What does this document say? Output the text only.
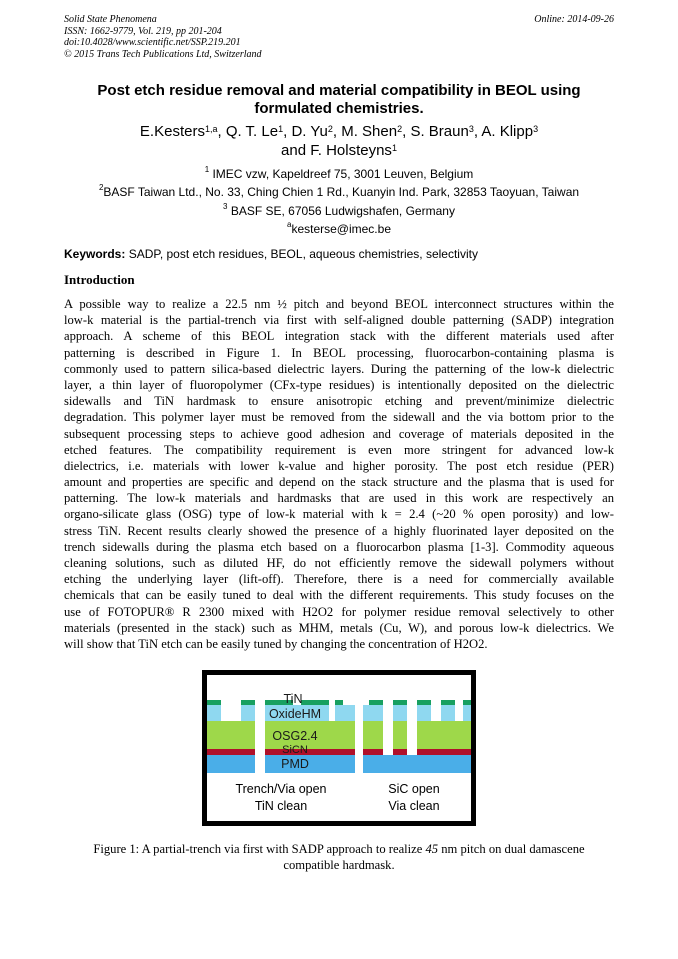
Solid State Phenomena
ISSN: 1662-9779, Vol. 219, pp 201-204
doi:10.4028/www.scientific.net/SSP.219.201
© 2015 Trans Tech Publications Ltd, Switzerland
Online: 2014-09-26
Post etch residue removal and material compatibility in BEOL using
formulated chemistries.
E.Kesters$^{1,a}$, Q. T. Le$^1$, D. Yu$^2$, M. Shen$^2$, S. Braun$^3$, A. Klipp$^3$
and F. Holsteyns$^1$
$^1$ IMEC vzw, Kapeldreef 75, 3001 Leuven, Belgium
$^2$BASF Taiwan Ltd., No. 33, Ching Chien 1 Rd., Kuanyin Ind. Park, 32853 Taoyuan, Taiwan
$^3$ BASF SE, 67056 Ludwigshafen, Germany
$^a$kesterse@imec.be
Keywords: SADP, post etch residues, BEOL, aqueous chemistries, selectivity
Introduction
A possible way to realize a 22.5 nm ½ pitch and beyond BEOL interconnect structures within the
low-k material is the partial-trench via first with self-aligned double patterning (SADP) integration
approach. A scheme of this BEOL integration stack with the different materials used after
patterning is described in Figure 1. In BEOL processing, fluorocarbon-containing plasma is
commonly used to pattern silica-based dielectric layers. During the patterning of the low-k dielectric
layer, a thin layer of fluoropolymer (CFx-type residues) is intentionally deposited on the dielectric
sidewalls and TiN hardmask to ensure anisotropic etching and prevent/minimize dielectric
degradation. This polymer layer must be removed from the sidewall and the via bottom prior to the
subsequent processing steps to achieve good adhesion and coverage of materials deposited in the
etched features. The compatibility requirement is even more stringent for advanced low-k
dielectrics, i.e. materials with lower k-value and higher porosity. The post etch residue (PER)
amount and properties are specific and depend on the stack structure and the plasma that is used for
patterning. The low-k materials and hardmasks that are used in this work are respectively an
organo-silicate glass (OSG) type of low-k material with k = 2.4 (~20 % open porosity) and low-
stress TiN. Recent results clearly showed the presence of a highly fluorinated layer deposited on the
trench sidewalls during the plasma etch based on a fluorocarbon plasma [1-3]. Commodity aqueous
cleaning solutions, such as diluted HF, do not efficiently remove the sidewall polymers without
etching the underlying layer (lift-off). Therefore, there is a need for commercially available
chemicals that can be easily tuned to deal with the different requirements. This study focuses on the
use of FOTOPUR® R 2300 mixed with H2O2 for polymer residue removal selectively to other
materials (presented in the stack) such as MHM, metals (Cu, W), and porous low-k dielectrics. We
will show that TiN etch can be easily tuned by changing the concentration of H2O2.
TiN
OxideHM
OSG2.4
SiCN
PMD
Trench/Via open
TiN clean
SiC open
Via clean
Figure 1: A partial-trench via first with SADP approach to realize 45 nm pitch on dual damascene
compatible hardmask.
